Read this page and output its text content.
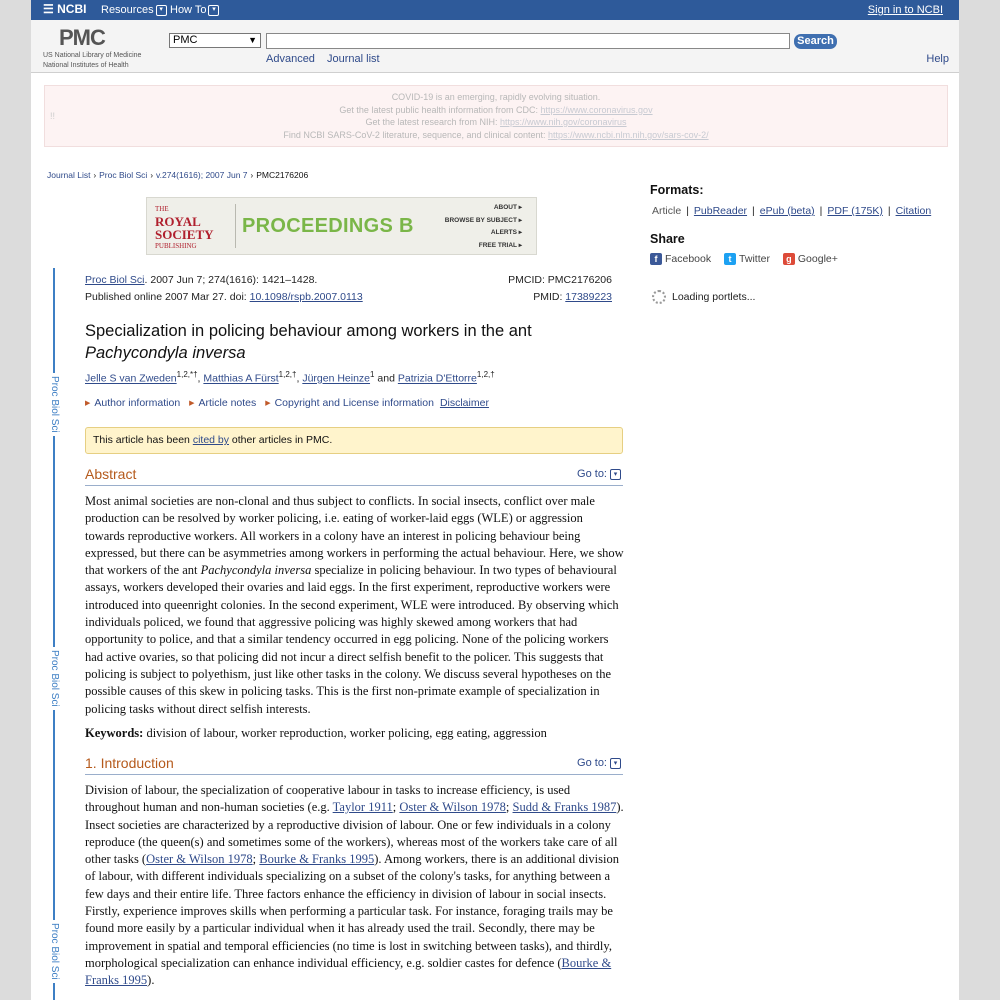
☰ NCBI Resources ▾ How To ▾	Sign in to NCBI
PMC
US National Library of Medicine
National Institutes of Health
PMC	▼	Search
Advanced Journal list	Help
!!
COVID-19 is an emerging, rapidly evolving situation.
Get the latest public health information from CDC: https://www.coronavirus.gov
Get the latest research from NIH: https://www.nih.gov/coronavirus
Find NCBI SARS-CoV-2 literature, sequence, and clinical content: https://www.ncbi.nlm.nih.gov/sars-cov-2/
Journal List › Proc Biol Sci › v.274(1616); 2007 Jun 7 › PMC2176206
THE
ROYAL
SOCIETY
PUBLISHING
PROCEEDINGS B
ABOUT ▸
BROWSE BY SUBJECT ▸
ALERTS ▸
FREE TRIAL ▸
Proc Biol Sci
Proc Biol Sci
Proc Biol Sci
Proc Biol Sci. 2007 Jun 7; 274(1616): 1421–1428.
Published online 2007 Mar 27. doi: 10.1098/rspb.2007.0113
PMCID: PMC2176206
PMID: 17389223
Specialization in policing behaviour among workers in the ant
Pachycondyla inversa
Jelle S van Zweden$^{1,2,*\dagger}$, Matthias A Fürst$^{1,2,\dagger}$, Jürgen Heinze$^1$ and Patrizia D'Ettorre$^{1,2,\dagger}$
▶ Author information ▶ Article notes ▶ Copyright and License information Disclaimer
This article has been cited by other articles in PMC.
Abstract	Go to: ▾
Most animal societies are non-clonal and thus subject to conflicts. In social insects, conflict over male production can be resolved by worker policing, i.e. eating of worker-laid eggs (WLE) or aggression towards reproductive workers. All workers in a colony have an interest in policing behaviour being expressed, but there can be asymmetries among workers in performing the actual behaviour. Here, we show that workers of the ant Pachycondyla inversa specialize in policing behaviour. In two types of behavioural assays, workers developed their ovaries and laid eggs. In the first experiment, reproductive workers were introduced into queenright colonies. In the second experiment, WLE were introduced. By observing which individuals policed, we found that aggressive policing was highly skewed among workers that had opportunity to police, and that a similar tendency occurred in egg policing. None of the policing workers had active ovaries, so that policing did not incur a direct selfish benefit to the policer. This suggests that policing is subject to polyethism, just like other tasks in the colony. We discuss several hypotheses on the possible causes of this skew in policing tasks. This is the first non-primate example of specialization in policing tasks without direct selfish interests.
Keywords: division of labour, worker reproduction, worker policing, egg eating, aggression
1. Introduction	Go to: ▾
Division of labour, the specialization of cooperative labour in tasks to increase efficiency, is used throughout human and non-human societies (e.g. Taylor 1911; Oster & Wilson 1978; Sudd & Franks 1987). Insect societies are characterized by a reproductive division of labour. One or few individuals in a colony reproduce (the queen(s) and sometimes some of the workers), whereas most of the workers take care of all other tasks (Oster & Wilson 1978; Bourke & Franks 1995). Among workers, there is an additional division of labour, with different individuals specializing on a subset of the colony's tasks, for anything between a few days and their entire life. Three factors enhance the efficiency in division of labour in social insects. Firstly, experience improves skills when performing a particular task. For instance, foraging trails may be found more easily by a particular individual when it has already used the trail. Secondly, there may be improvement in spatial and temporal efficiencies (no time is lost in switching between tasks), and thirdly, morphological specialization can enhance individual efficiency, e.g. soldier castes for defence (Bourke & Franks 1995).
Formats:
Article | PubReader | ePub (beta) | PDF (175K) | Citation
Share
f Facebook t Twitter g Google+
Loading portlets...
